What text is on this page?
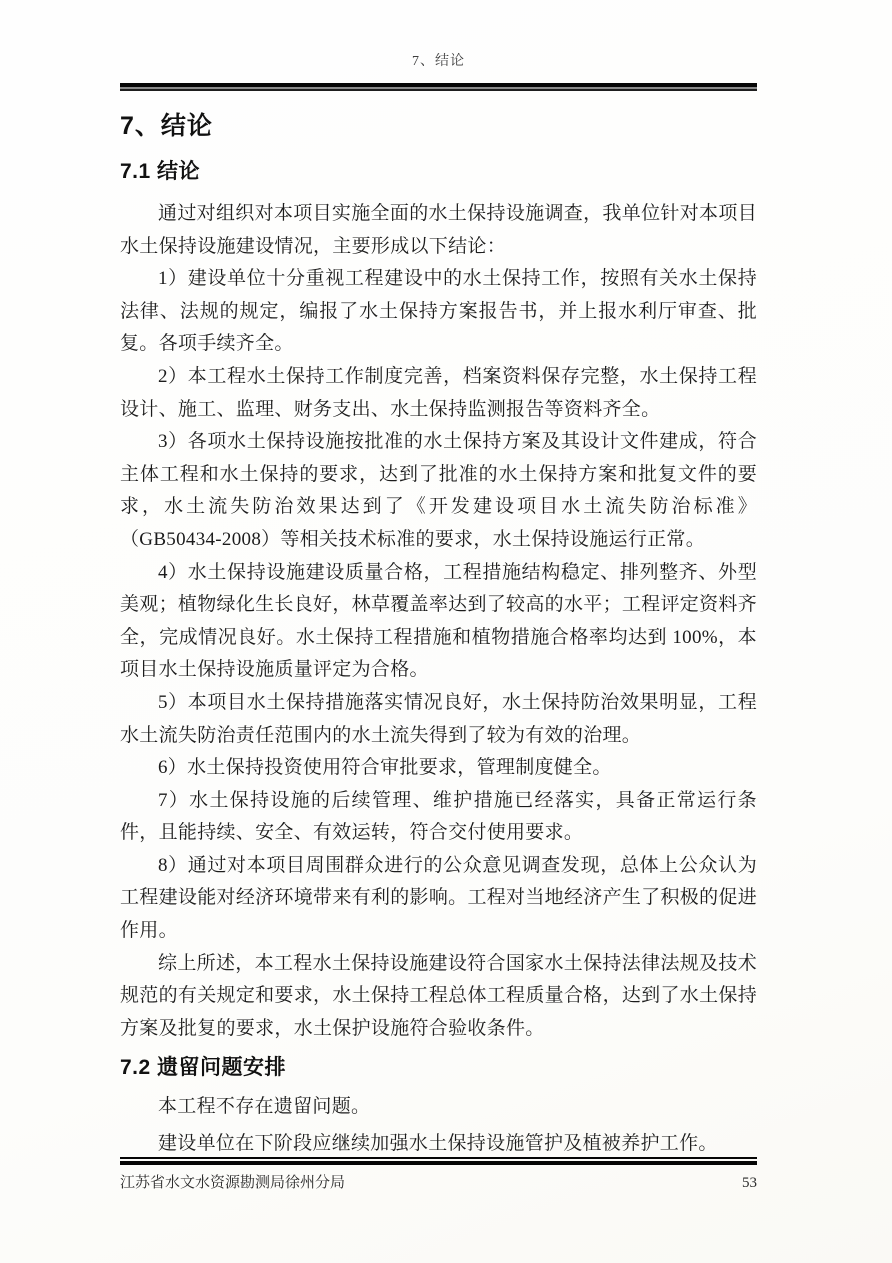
7、结论
7、结论
7.1 结论

通过对组织对本项目实施全面的水土保持设施调查，我单位针对本项目水土保持设施建设情况，主要形成以下结论：

1）建设单位十分重视工程建设中的水土保持工作，按照有关水土保持法律、法规的规定，编报了水土保持方案报告书，并上报水利厅审查、批复。各项手续齐全。

2）本工程水土保持工作制度完善，档案资料保存完整，水土保持工程设计、施工、监理、财务支出、水土保持监测报告等资料齐全。

3）各项水土保持设施按批准的水土保持方案及其设计文件建成，符合主体工程和水土保持的要求，达到了批准的水土保持方案和批复文件的要求，水土流失防治效果达到了《开发建设项目水土流失防治标准》（GB50434-2008）等相关技术标准的要求，水土保持设施运行正常。

4）水土保持设施建设质量合格，工程措施结构稳定、排列整齐、外型美观；植物绿化生长良好，林草覆盖率达到了较高的水平；工程评定资料齐全，完成情况良好。水土保持工程措施和植物措施合格率均达到 100%，本项目水土保持设施质量评定为合格。

5）本项目水土保持措施落实情况良好，水土保持防治效果明显，工程水土流失防治责任范围内的水土流失得到了较为有效的治理。

6）水土保持投资使用符合审批要求，管理制度健全。

7）水土保持设施的后续管理、维护措施已经落实，具备正常运行条件，且能持续、安全、有效运转，符合交付使用要求。

8）通过对本项目周围群众进行的公众意见调查发现，总体上公众认为工程建设能对经济环境带来有利的影响。工程对当地经济产生了积极的促进作用。

综上所述，本工程水土保持设施建设符合国家水土保持法律法规及技术规范的有关规定和要求，水土保持工程总体工程质量合格，达到了水土保持方案及批复的要求，水土保护设施符合验收条件。

7.2 遗留问题安排

本工程不存在遗留问题。

建设单位在下阶段应继续加强水土保持设施管护及植被养护工作。

江苏省水文水资源勘测局徐州分局	53
